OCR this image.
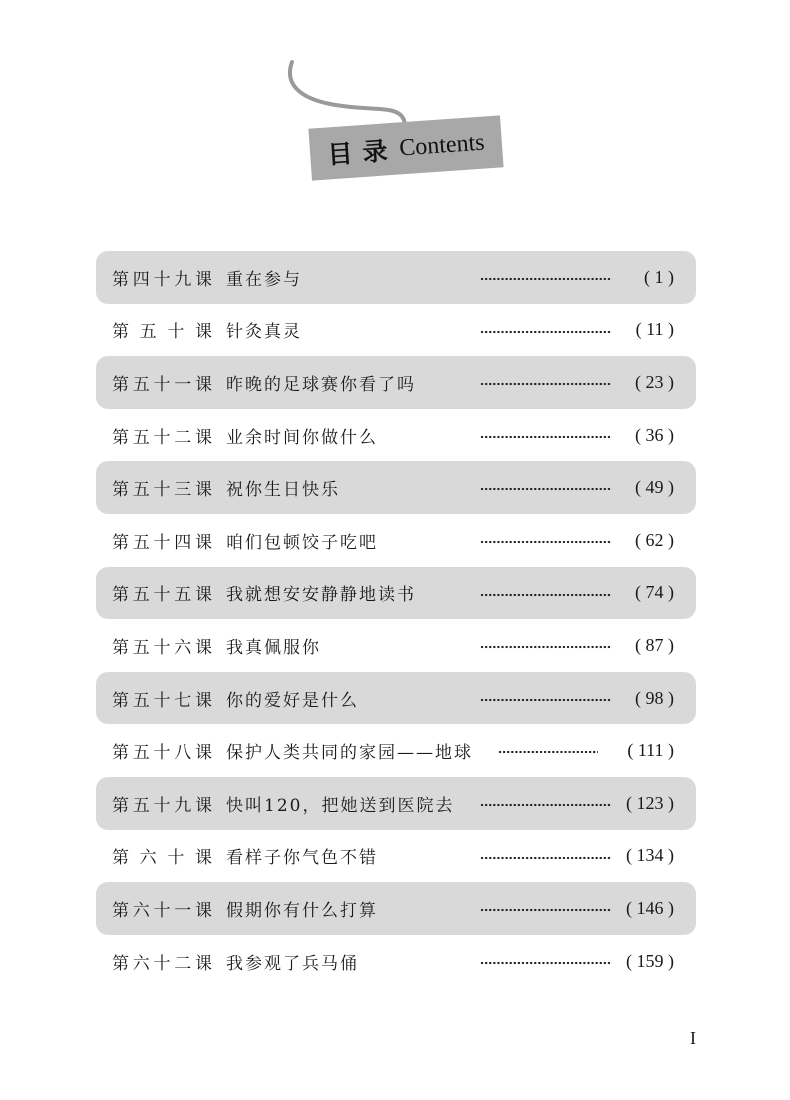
目录 Contents
第四十九课 重在参与	( 1 )
第五十课 针灸真灵	( 11 )
第五十一课 昨晚的足球赛你看了吗	( 23 )
第五十二课 业余时间你做什么	( 36 )
第五十三课 祝你生日快乐	( 49 )
第五十四课 咱们包顿饺子吃吧	( 62 )
第五十五课 我就想安安静静地读书	( 74 )
第五十六课 我真佩服你	( 87 )
第五十七课 你的爱好是什么	( 98 )
第五十八课 保护人类共同的家园——地球	( 111 )
第五十九课 快叫120，把她送到医院去	( 123 )
第六十课 看样子你气色不错	( 134 )
第六十一课 假期你有什么打算	( 146 )
第六十二课 我参观了兵马俑	( 159 )
I
